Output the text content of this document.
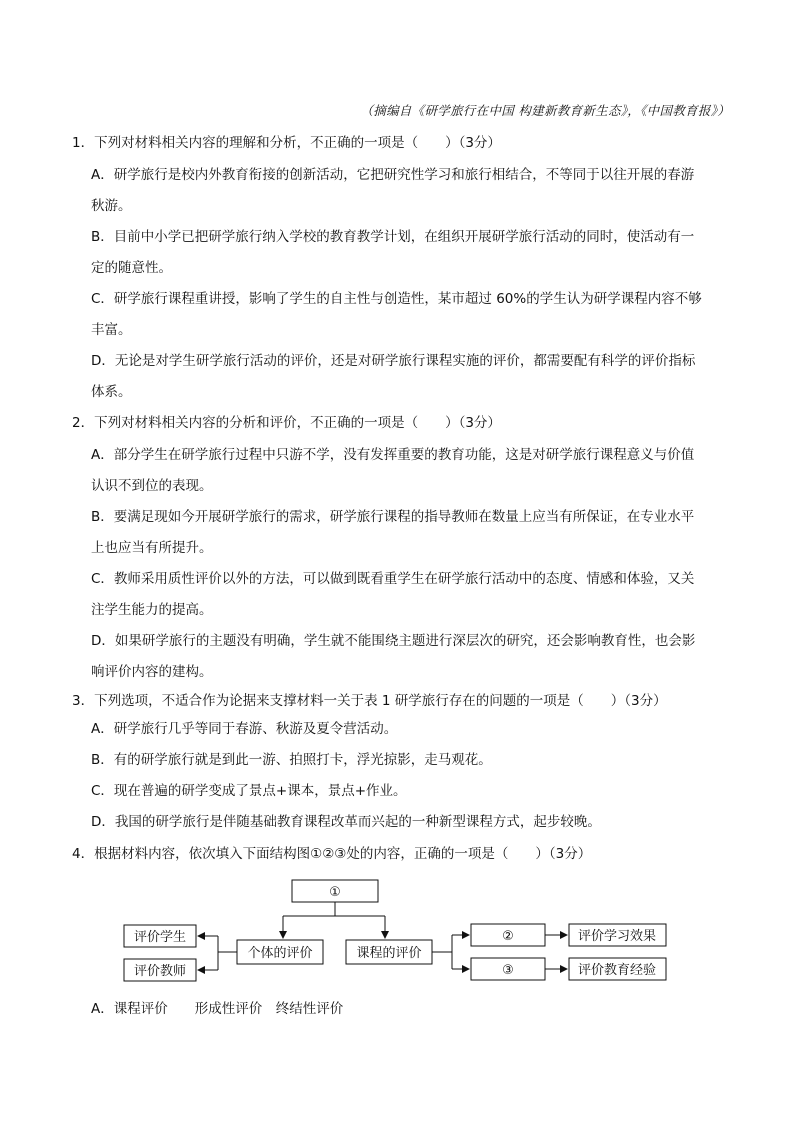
（摘编自《研学旅行在中国 构建新教育新生态》，《中国教育报》）
1．下列对材料相关内容的理解和分析，不正确的一项是（　　）（3分）
A．研学旅行是校内外教育衔接的创新活动，它把研究性学习和旅行相结合，不等同于以往开展的春游
秋游。
B．目前中小学已把研学旅行纳入学校的教育教学计划，在组织开展研学旅行活动的同时，使活动有一
定的随意性。
C．研学旅行课程重讲授，影响了学生的自主性与创造性，某市超过 60%的学生认为研学课程内容不够
丰富。
D．无论是对学生研学旅行活动的评价，还是对研学旅行课程实施的评价，都需要配有科学的评价指标
体系。
2．下列对材料相关内容的分析和评价，不正确的一项是（　　）（3分）
A．部分学生在研学旅行过程中只游不学，没有发挥重要的教育功能，这是对研学旅行课程意义与价值
认识不到位的表现。
B．要满足现如今开展研学旅行的需求，研学旅行课程的指导教师在数量上应当有所保证，在专业水平
上也应当有所提升。
C．教师采用质性评价以外的方法，可以做到既看重学生在研学旅行活动中的态度、情感和体验，又关
注学生能力的提高。
D．如果研学旅行的主题没有明确，学生就不能围绕主题进行深层次的研究，还会影响教育性，也会影
响评价内容的建构。
3．下列选项，不适合作为论据来支撑材料一关于表 1 研学旅行存在的问题的一项是（　　）（3分）
A．研学旅行几乎等同于春游、秋游及夏令营活动。
B．有的研学旅行就是到此一游、拍照打卡，浮光掠影，走马观花。
C．现在普遍的研学变成了景点+课本，景点+作业。
D．我国的研学旅行是伴随基础教育课程改革而兴起的一种新型课程方式，起步较晚。
4．根据材料内容，依次填入下面结构图①②③处的内容，正确的一项是（　　）（3分）
①
评价学生
评价教师
个体的评价	课程的评价
②
③
评价学习效果
评价教育经验
A．课程评价　　形成性评价　终结性评价
